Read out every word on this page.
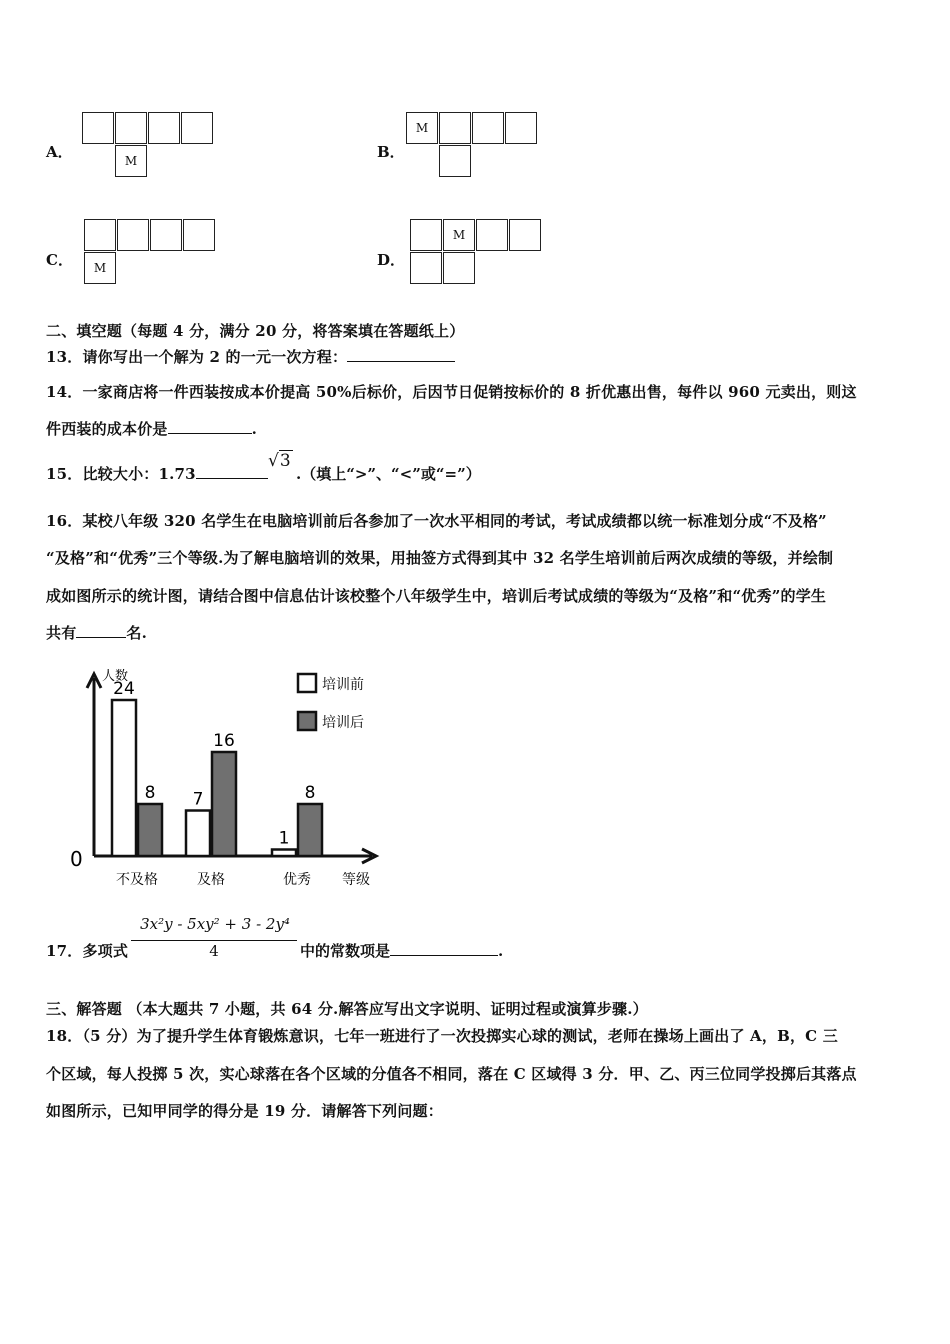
A．	M	B．
M
C．	M	D．
M
二、填空题（每题 4 分，满分 20 分，将答案填在答题纸上）
13．请你写出一个解为 2 的一元一次方程：
14．一家商店将一件西装按成本价提高 50%后标价，后因节日促销按标价的 8 折优惠出售，每件以 960 元卖出，则这
件西装的成本价是	.
15．比较大小：1.73
√3
.（填上“>”、“<”或“=”）
16．某校八年级 320 名学生在电脑培训前后各参加了一次水平相同的考试，考试成绩都以统一标准划分成“不及格”
“及格”和“优秀”三个等级.为了解电脑培训的效果，用抽签方式得到其中 32 名学生培训前后两次成绩的等级，并绘制
成如图所示的统计图，请结合图中信息估计该校整个八年级学生中，培训后考试成绩的等级为“及格”和“优秀”的学生
共有	名.
人数
等级
0
24
8
不及格
7
16
及格
1
8
优秀
培训前
培训后
17．多项式
3x²y - 5xy² + 3 - 2y⁴
4	中的常数项是	.
三、解答题 （本大题共 7 小题，共 64 分.解答应写出文字说明、证明过程或演算步骤.）
18．（5 分）为了提升学生体育锻炼意识，七年一班进行了一次投掷实心球的测试，老师在操场上画出了 A，B，C 三
个区域，每人投掷 5 次，实心球落在各个区域的分值各不相同，落在 C 区域得 3 分．甲、乙、丙三位同学投掷后其落点
如图所示，已知甲同学的得分是 19 分．请解答下列问题：
